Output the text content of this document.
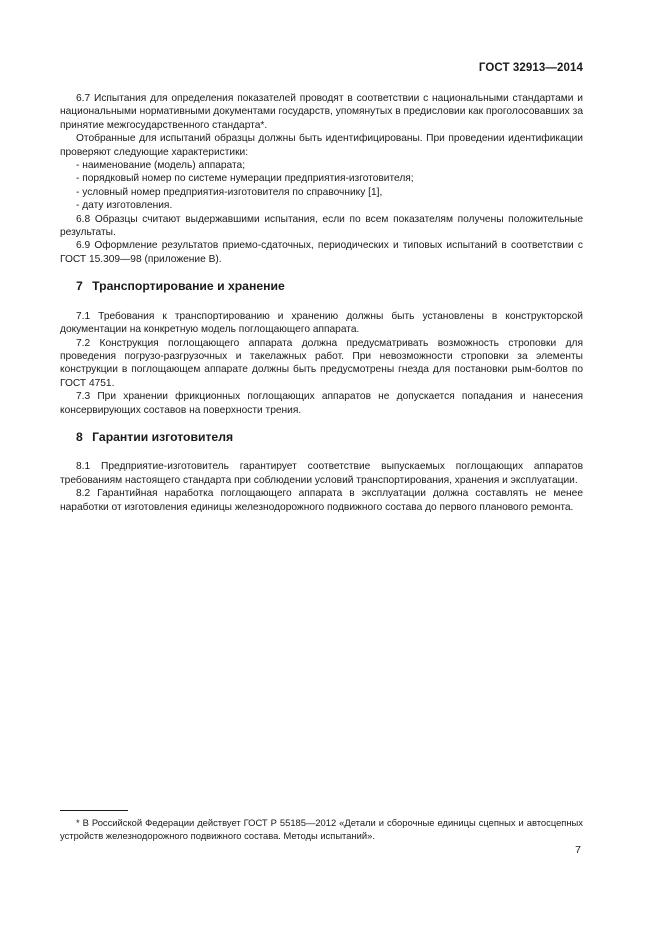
ГОСТ 32913—2014

6.7 Испытания для определения показателей проводят в соответствии с национальными стандартами и национальными нормативными документами государств, упомянутых в предисловии как проголосовавших за принятие межгосударственного стандарта*.

Отобранные для испытаний образцы должны быть идентифицированы. При проведении идентификации проверяют следующие характеристики:

- наименование (модель) аппарата;

- порядковый номер по системе нумерации предприятия-изготовителя;

- условный номер предприятия-изготовителя по справочнику [1],

- дату изготовления.

6.8 Образцы считают выдержавшими испытания, если по всем показателям получены положительные результаты.

6.9 Оформление результатов приемо-сдаточных, периодических и типовых испытаний в соответствии с ГОСТ 15.309—98 (приложение В).

7 Транспортирование и хранение

7.1 Требования к транспортированию и хранению должны быть установлены в конструкторской документации на конкретную модель поглощающего аппарата.

7.2 Конструкция поглощающего аппарата должна предусматривать возможность строповки для проведения погрузо-разгрузочных и такелажных работ. При невозможности строповки за элементы конструкции в поглощающем аппарате должны быть предусмотрены гнезда для постановки рым-болтов по ГОСТ 4751.

7.3 При хранении фрикционных поглощающих аппаратов не допускается попадания и нанесения консервирующих составов на поверхности трения.

8 Гарантии изготовителя

8.1 Предприятие-изготовитель гарантирует соответствие выпускаемых поглощающих аппаратов требованиям настоящего стандарта при соблюдении условий транспортирования, хранения и эксплуатации.

8.2 Гарантийная наработка поглощающего аппарата в эксплуатации должна составлять не менее наработки от изготовления единицы железнодорожного подвижного состава до первого планового ремонта.

* В Российской Федерации действует ГОСТ Р 55185—2012 «Детали и сборочные единицы сцепных и автосцепных устройств железнодорожного подвижного состава. Методы испытаний».

7
